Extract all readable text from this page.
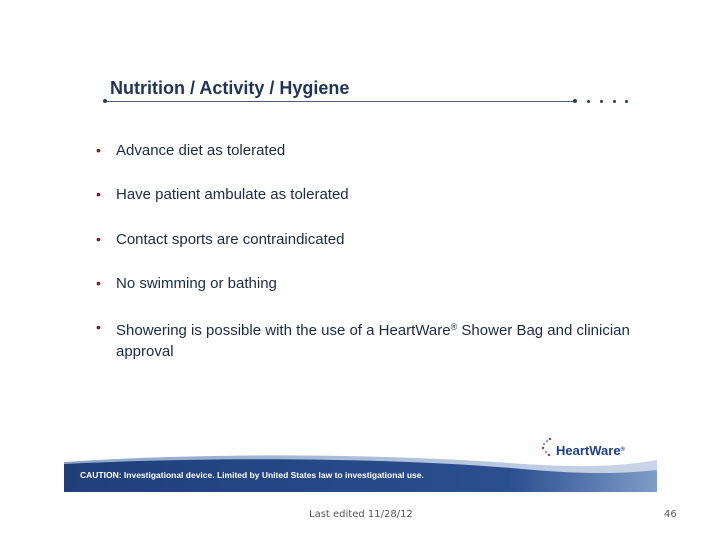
Nutrition / Activity / Hygiene
• Advance diet as tolerated
• Have patient ambulate as tolerated
• Contact sports are contraindicated
• No swimming or bathing
• Showering is possible with the use of a HeartWare® Shower Bag and clinician approval
CAUTION: Investigational device. Limited by United States law to investigational use.
HeartWare®
Last edited 11/28/12	46
